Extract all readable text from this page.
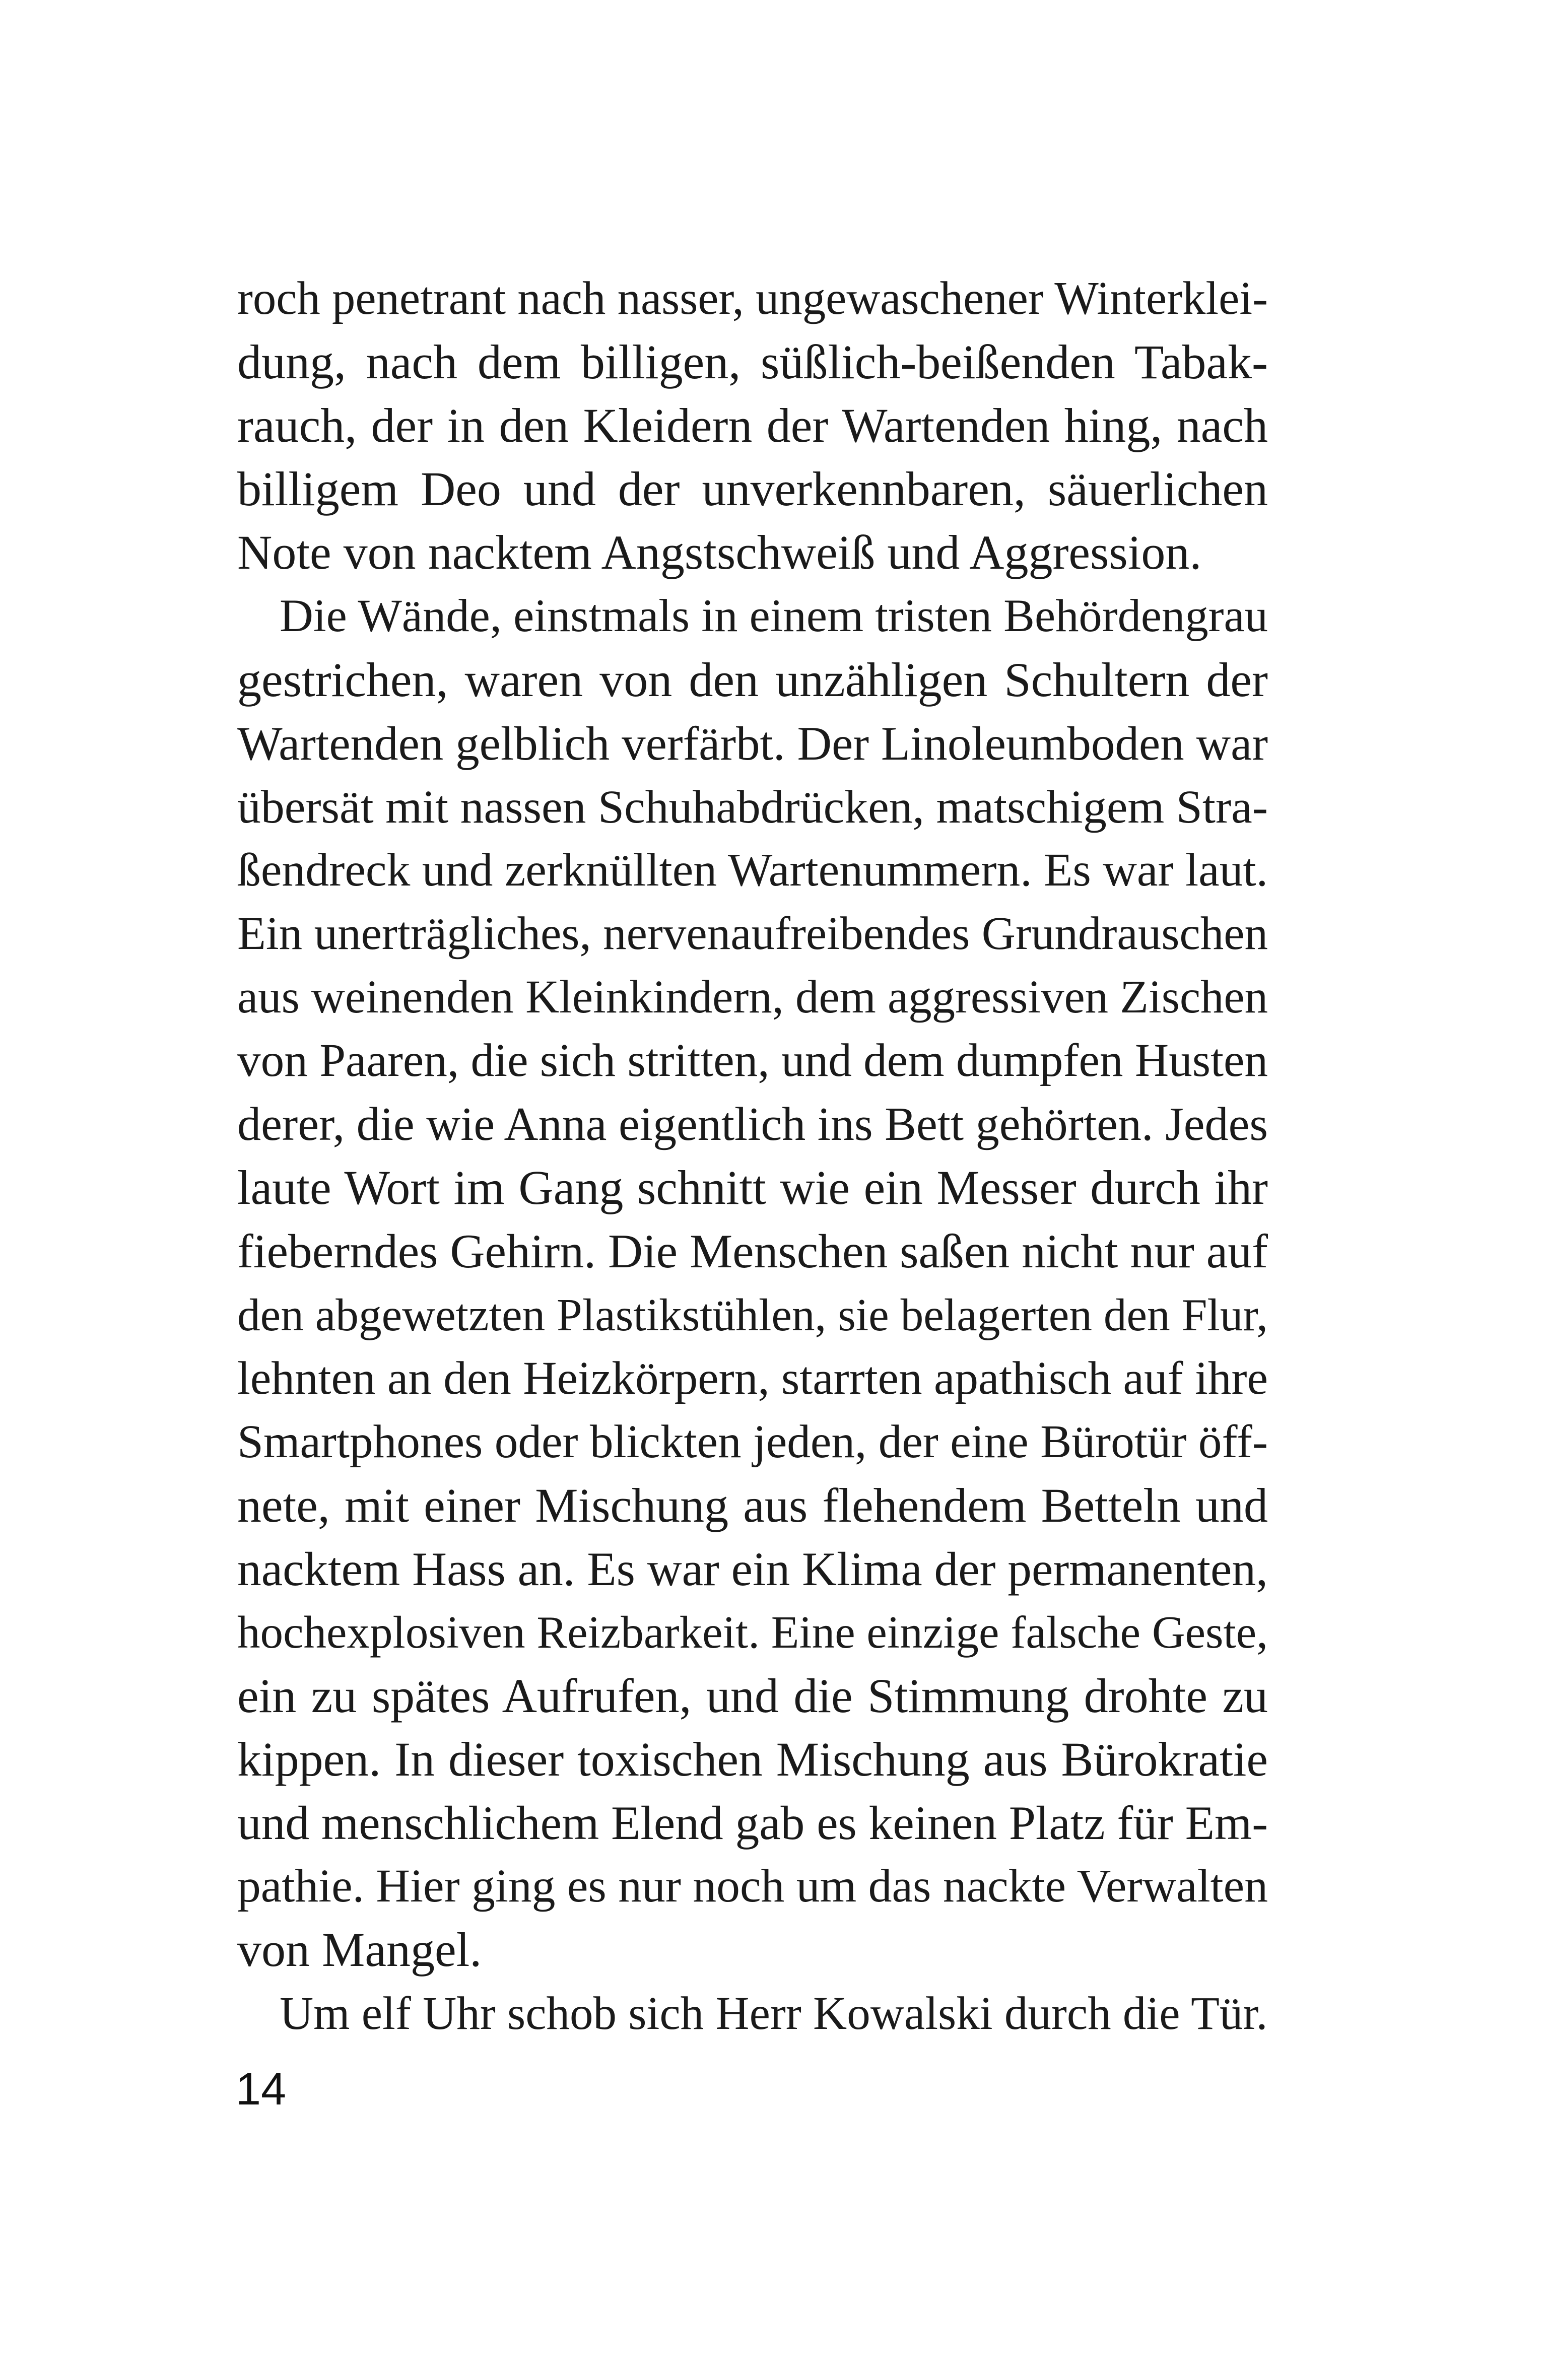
roch penetrant nach nasser, ungewaschener Winterklei-
dung, nach dem billigen, süßlich-beißenden Tabak-
rauch, der in den Kleidern der Wartenden hing, nach
billigem Deo und der unverkennbaren, säuerlichen
Note von nacktem Angstschweiß und Aggression.
Die Wände, einstmals in einem tristen Behördengrau
gestrichen, waren von den unzähligen Schultern der
Wartenden gelblich verfärbt. Der Linoleumboden war
übersät mit nassen Schuhabdrücken, matschigem Stra-
ßendreck und zerknüllten Wartenummern. Es war laut.
Ein unerträgliches, nervenaufreibendes Grundrauschen
aus weinenden Kleinkindern, dem aggressiven Zischen
von Paaren, die sich stritten, und dem dumpfen Husten
derer, die wie Anna eigentlich ins Bett gehörten. Jedes
laute Wort im Gang schnitt wie ein Messer durch ihr
fieberndes Gehirn. Die Menschen saßen nicht nur auf
den abgewetzten Plastikstühlen, sie belagerten den Flur,
lehnten an den Heizkörpern, starrten apathisch auf ihre
Smartphones oder blickten jeden, der eine Bürotür öff-
nete, mit einer Mischung aus flehendem Betteln und
nacktem Hass an. Es war ein Klima der permanenten,
hochexplosiven Reizbarkeit. Eine einzige falsche Geste,
ein zu spätes Aufrufen, und die Stimmung drohte zu
kippen. In dieser toxischen Mischung aus Bürokratie
und menschlichem Elend gab es keinen Platz für Em-
pathie. Hier ging es nur noch um das nackte Verwalten
von Mangel.
Um elf Uhr schob sich Herr Kowalski durch die Tür.
14
